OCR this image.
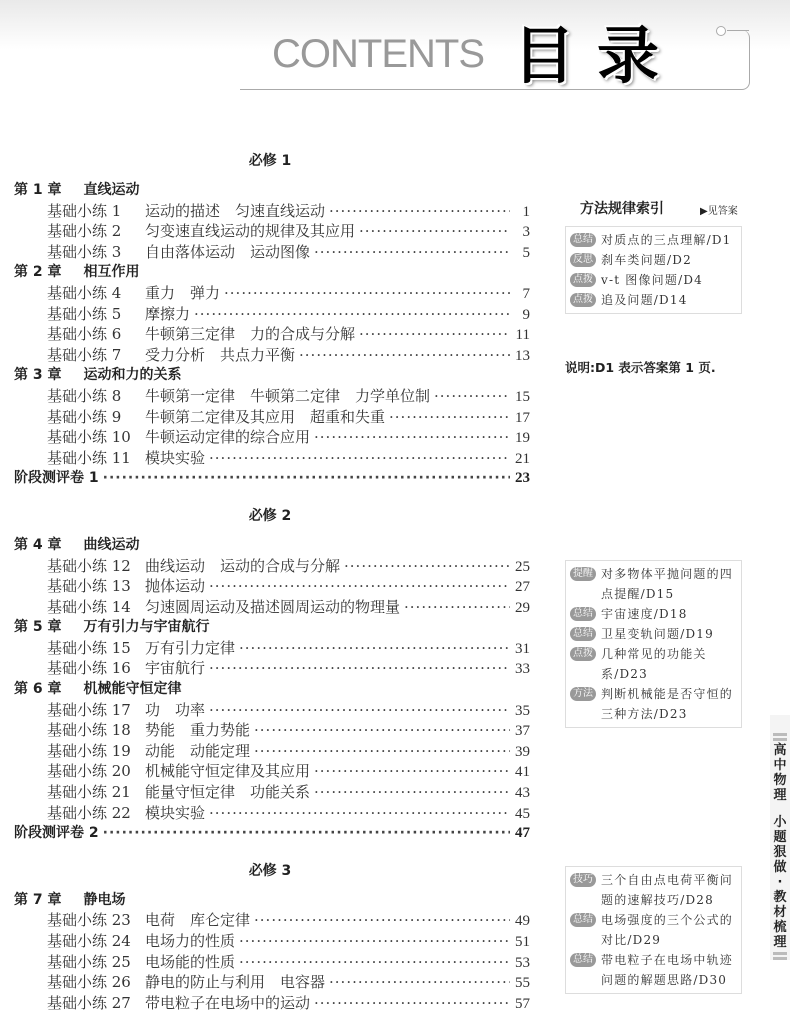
CONTENTS 目录
必修 1
第 1 章 直线运动
基础小练 1	运动的描述　匀速直线运动 ·····	1
基础小练 2	匀变速直线运动的规律及其应用 ·····	3
基础小练 3	自由落体运动　运动图像 ·····	5
第 2 章 相互作用
基础小练 4	重力　弹力 ·····	7
基础小练 5	摩擦力 ·····	9
基础小练 6	牛顿第三定律　力的合成与分解 ·····	11
基础小练 7	受力分析　共点力平衡 ·····	13
第 3 章 运动和力的关系
基础小练 8	牛顿第一定律　牛顿第二定律　力学单位制 ·····	15
基础小练 9	牛顿第二定律及其应用　超重和失重 ·····	17
基础小练 10 牛顿运动定律的综合应用 ·····	19
基础小练 11 模块实验 ·····	21
阶段测评卷 1 ·····	23
必修 2
第 4 章 曲线运动
基础小练 12 曲线运动　运动的合成与分解 ·····	25
基础小练 13 抛体运动 ·····	27
基础小练 14 匀速圆周运动及描述圆周运动的物理量 ·····	29
第 5 章 万有引力与宇宙航行
基础小练 15 万有引力定律 ·····	31
基础小练 16 宇宙航行 ·····	33
第 6 章 机械能守恒定律
基础小练 17 功　功率 ·····	35
基础小练 18 势能　重力势能 ·····	37
基础小练 19 动能　动能定理 ·····	39
基础小练 20 机械能守恒定律及其应用 ·····	41
基础小练 21 能量守恒定律　功能关系 ·····	43
基础小练 22 模块实验 ·····	45
阶段测评卷 2 ·····	47
必修 3
第 7 章 静电场
基础小练 23 电荷　库仑定律 ·····	49
基础小练 24 电场力的性质 ·····	51
基础小练 25 电场能的性质 ·····	53
基础小练 26 静电的防止与利用　电容器 ·····	55
基础小练 27 带电粒子在电场中的运动 ·····	57
方法规律索引	▶见答案
总结 对质点的三点理解/D1
反思 刹车类问题/D2
点拨 v-t 图像问题/D4
点拨 追及问题/D14
说明:D1 表示答案第 1 页.
提醒 对多物体平抛问题的四点提醒/D15
总结 宇宙速度/D18
总结 卫星变轨问题/D19
点拨 几种常见的功能关系/D23
方法 判断机械能是否守恒的三种方法/D23
技巧 三个自由点电荷平衡问题的速解技巧/D28
总结 电场强度的三个公式的对比/D29
总结 带电粒子在电场中轨迹问题的解题思路/D30
高
中
物
理
小
题
狠
做
·
教
材
梳
理
